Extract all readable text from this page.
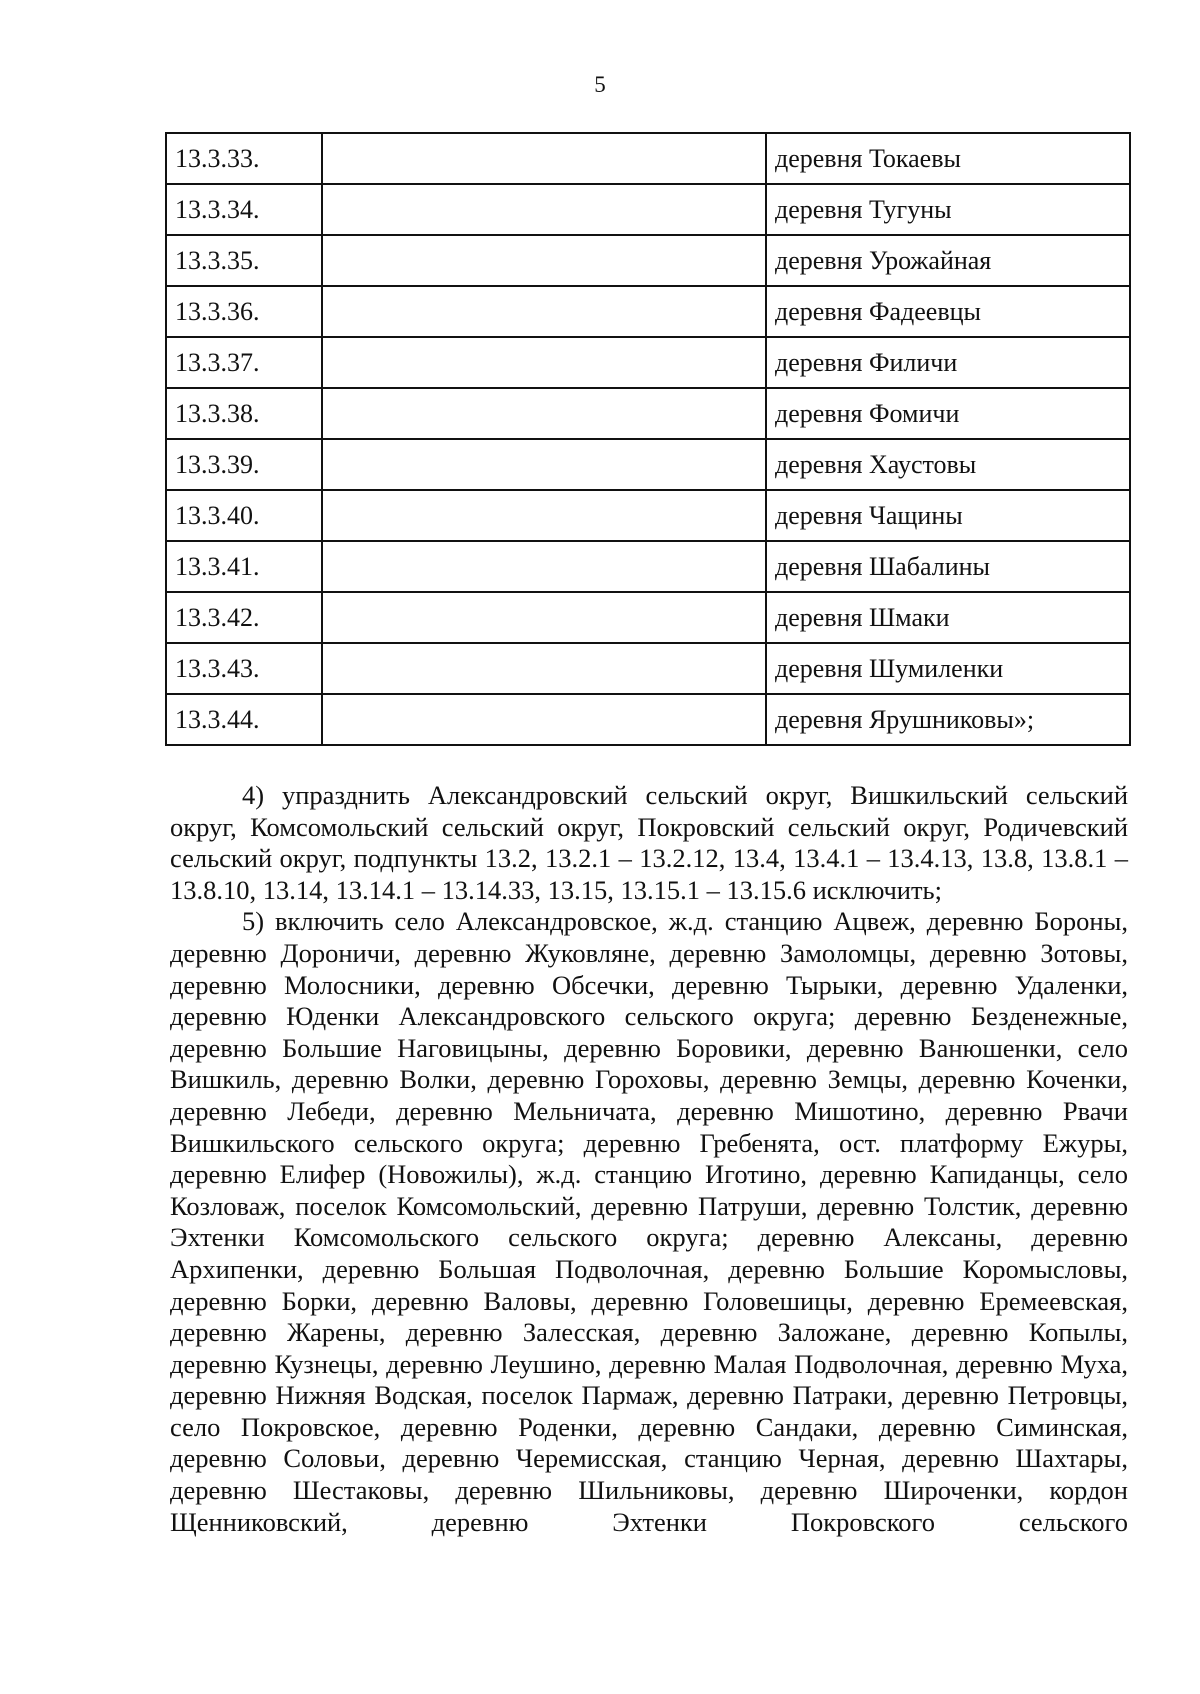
5
13.3.33.		деревня Токаевы
13.3.34.		деревня Тугуны
13.3.35.		деревня Урожайная
13.3.36.		деревня Фадеевцы
13.3.37.		деревня Филичи
13.3.38.		деревня Фомичи
13.3.39.		деревня Хаустовы
13.3.40.		деревня Чащины
13.3.41.		деревня Шабалины
13.3.42.		деревня Шмаки
13.3.43.		деревня Шумиленки
13.3.44.		деревня Ярушниковы»;

4) упразднить Александровский сельский округ, Вишкильский сельский округ, Комсомольский сельский округ, Покровский сельский округ, Родичевский сельский округ, подпункты 13.2, 13.2.1 – 13.2.12, 13.4, 13.4.1 – 13.4.13, 13.8, 13.8.1 – 13.8.10, 13.14, 13.14.1 – 13.14.33, 13.15, 13.15.1 – 13.15.6 исключить;

5) включить село Александровское, ж.д. станцию Ацвеж, деревню Бороны, деревню Дороничи, деревню Жуковляне, деревню Замоломцы, деревню Зотовы, деревню Молосники, деревню Обсечки, деревню Тырыки, деревню Удаленки, деревню Юденки Александровского сельского округа; деревню Безденежные, деревню Большие Наговицыны, деревню Боровики, деревню Ванюшенки, село Вишкиль, деревню Волки, деревню Гороховы, деревню Земцы, деревню Коченки, деревню Лебеди, деревню Мельничата, деревню Мишотино, деревню Рвачи Вишкильского сельского округа; деревню Гребенята, ост. платформу Ежуры, деревню Елифер (Новожилы), ж.д. станцию Иготино, деревню Капиданцы, село Козловаж, поселок Комсомольский, деревню Патруши, деревню Толстик, деревню Эхтенки Комсомольского сельского округа; деревню Алексаны, деревню Архипенки, деревню Большая Подволочная, деревню Большие Коромысловы, деревню Борки, деревню Валовы, деревню Головешицы, деревню Еремеевская, деревню Жарены, деревню Залесская, деревню Заложане, деревню Копылы, деревню Кузнецы, деревню Леушино, деревню Малая Подволочная, деревню Муха, деревню Нижняя Водская, поселок Пармаж, деревню Патраки, деревню Петровцы, село Покровское, деревню Роденки, деревню Сандаки, деревню Симинская, деревню Соловьи, деревню Черемисская, станцию Черная, деревню Шахтары, деревню Шестаковы, деревню Шильниковы, деревню Широченки, кордон Щенниковский, деревню Эхтенки Покровского сельского
